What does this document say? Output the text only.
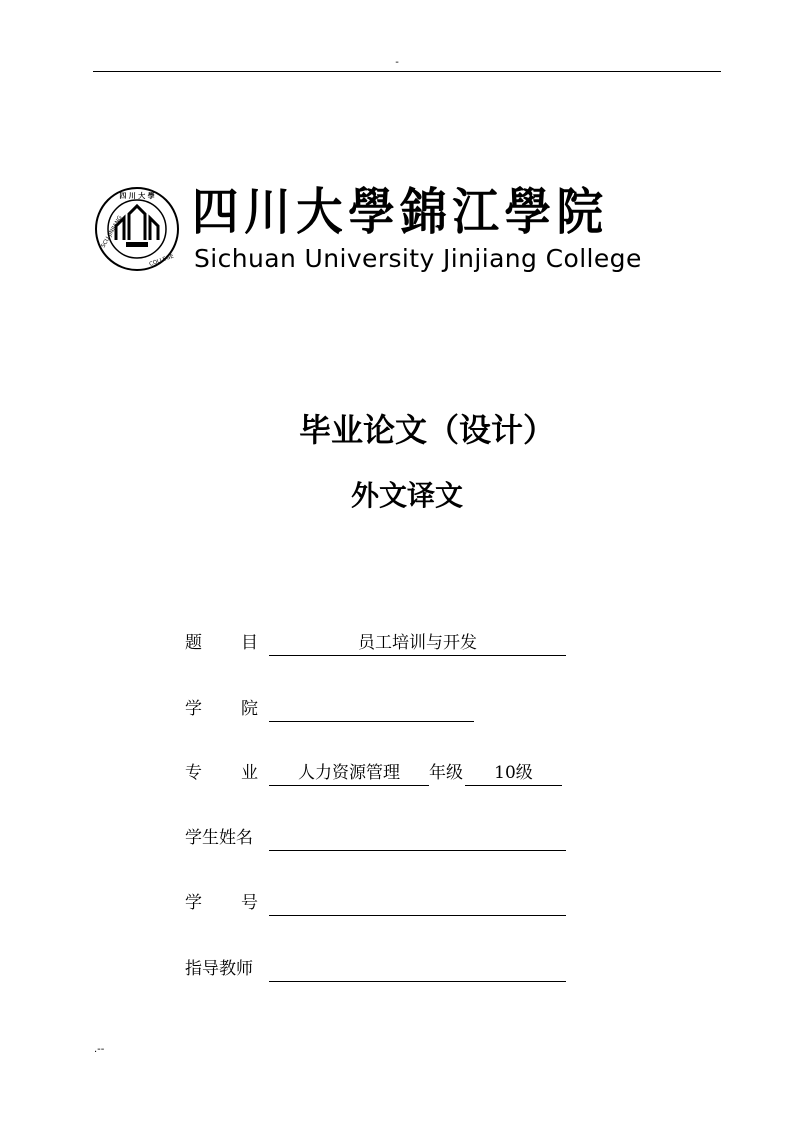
-
四 川 大 學
SCU JINJIANG
COLLEGE
四川大學錦江學院
Sichuan University Jinjiang College
毕业论文（设计）
外文译文
题 目	员工培训与开发
学 院
专 业	人力资源管理	年级	10级
学生姓名
学 号
指导教师
.--
